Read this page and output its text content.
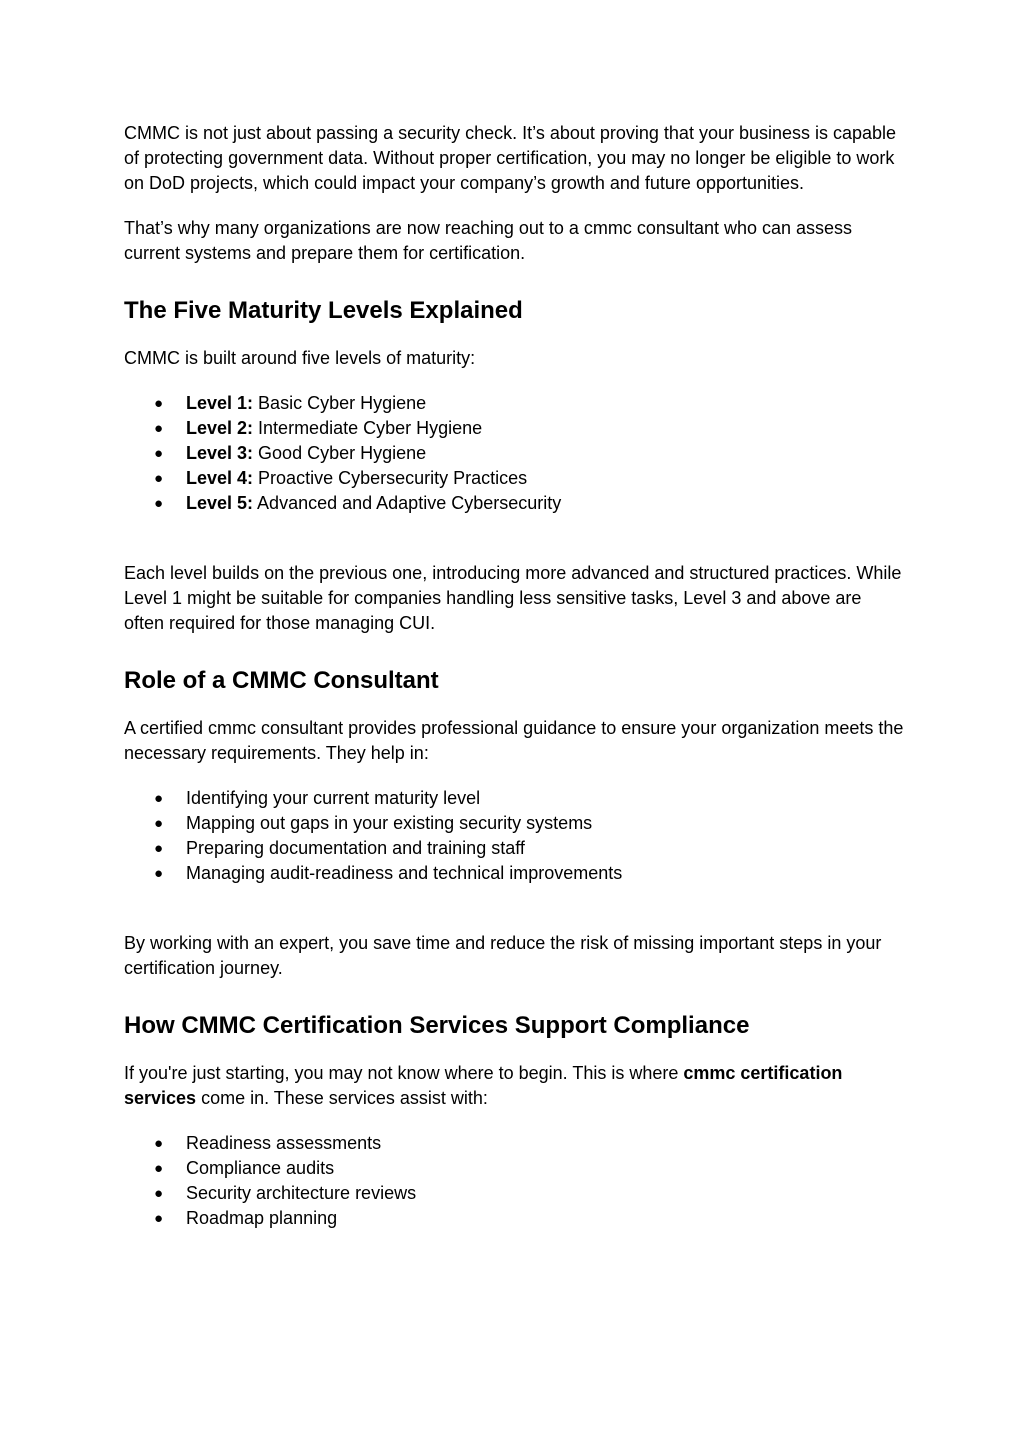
CMMC is not just about passing a security check. It’s about proving that your business is capable of protecting government data. Without proper certification, you may no longer be eligible to work on DoD projects, which could impact your company’s growth and future opportunities.

That’s why many organizations are now reaching out to a cmmc consultant who can assess current systems and prepare them for certification.

The Five Maturity Levels Explained

CMMC is built around five levels of maturity:

● Level 1: Basic Cyber Hygiene
● Level 2: Intermediate Cyber Hygiene
● Level 3: Good Cyber Hygiene
● Level 4: Proactive Cybersecurity Practices
● Level 5: Advanced and Adaptive Cybersecurity

Each level builds on the previous one, introducing more advanced and structured practices. While Level 1 might be suitable for companies handling less sensitive tasks, Level 3 and above are often required for those managing CUI.

Role of a CMMC Consultant

A certified cmmc consultant provides professional guidance to ensure your organization meets the necessary requirements. They help in:

● Identifying your current maturity level
● Mapping out gaps in your existing security systems
● Preparing documentation and training staff
● Managing audit-readiness and technical improvements

By working with an expert, you save time and reduce the risk of missing important steps in your certification journey.

How CMMC Certification Services Support Compliance

If you're just starting, you may not know where to begin. This is where cmmc certification services come in. These services assist with:

● Readiness assessments
● Compliance audits
● Security architecture reviews
● Roadmap planning
